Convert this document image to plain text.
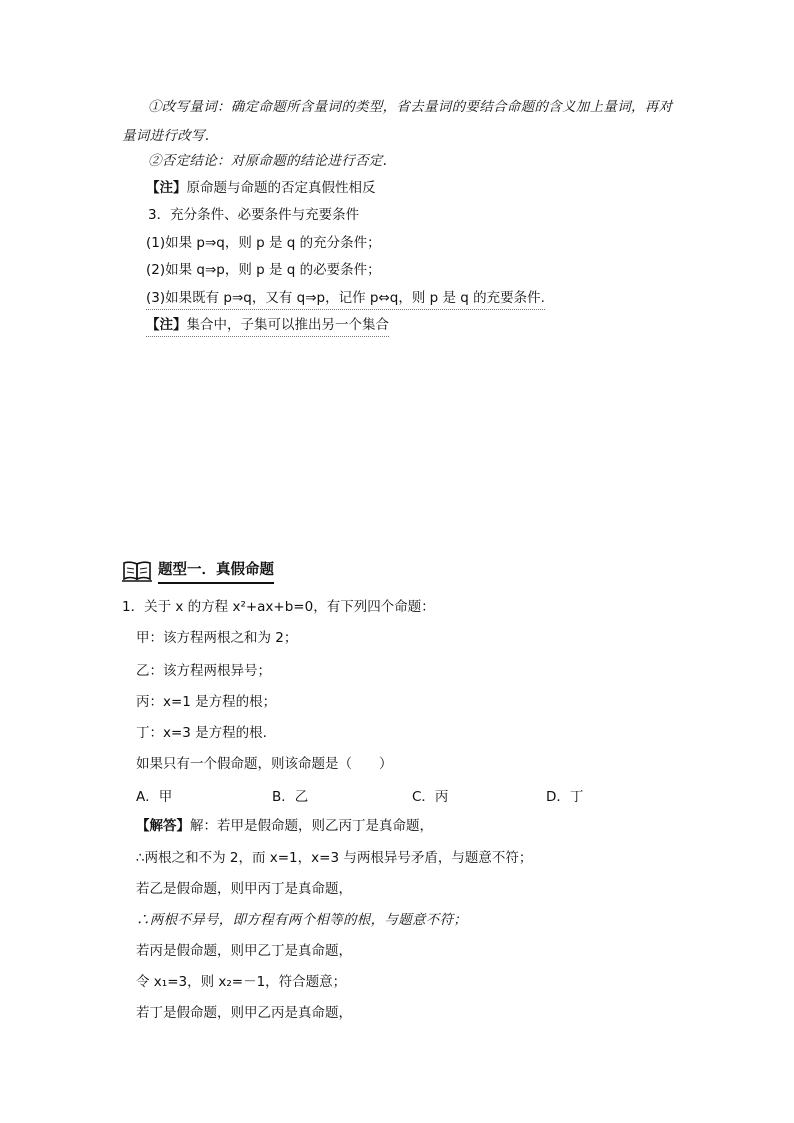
①改写量词：确定命题所含量词的类型，省去量词的要结合命题的含义加上量词，再对
量词进行改写.
②否定结论：对原命题的结论进行否定.
【注】原命题与命题的否定真假性相反
3．充分条件、必要条件与充要条件
(1)如果 p⇒q，则 p 是 q 的充分条件；
(2)如果 q⇒p，则 p 是 q 的必要条件；
(3)如果既有 p⇒q，又有 q⇒p，记作 p⇔q，则 p 是 q 的充要条件.
【注】集合中，子集可以推出另一个集合
题型一．真假命题
1．关于 x 的方程 x²+ax+b=0，有下列四个命题：
甲：该方程两根之和为 2；
乙：该方程两根异号；
丙：x=1 是方程的根；
丁：x=3 是方程的根.
如果只有一个假命题，则该命题是（　　）
A．甲	B．乙	C．丙	D．丁
【解答】解：若甲是假命题，则乙丙丁是真命题，
∴两根之和不为 2，而 x=1，x=3 与两根异号矛盾，与题意不符；
若乙是假命题，则甲丙丁是真命题，
∴两根不异号，即方程有两个相等的根，与题意不符；
若丙是假命题，则甲乙丁是真命题，
令 x₁=3，则 x₂=－1，符合题意；
若丁是假命题，则甲乙丙是真命题，
